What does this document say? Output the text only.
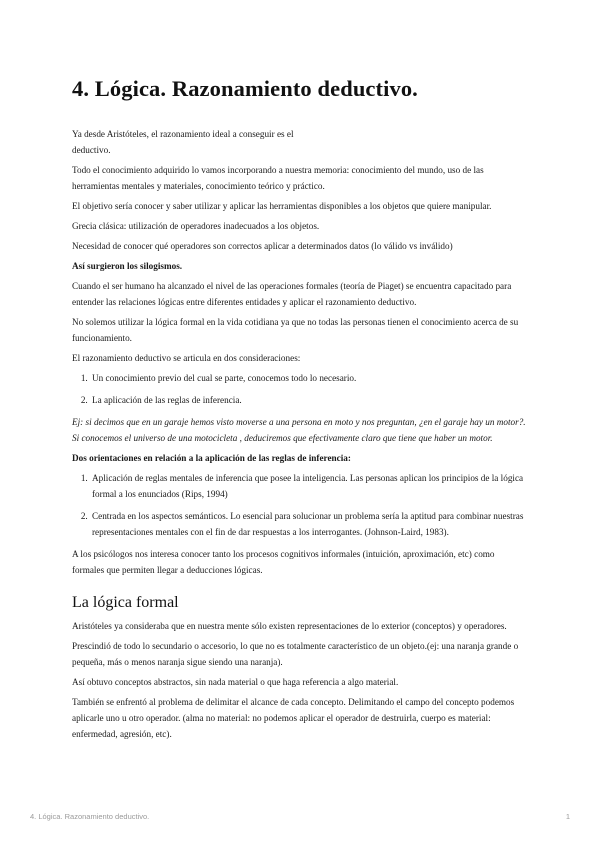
4. Lógica. Razonamiento deductivo.

Ya desde Aristóteles, el razonamiento ideal a conseguir es el deductivo.

Todo el conocimiento adquirido lo vamos incorporando a nuestra memoria: conocimiento del mundo, uso de las herramientas mentales y materiales, conocimiento teórico y práctico.

El objetivo sería conocer y saber utilizar y aplicar las herramientas disponibles a los objetos que quiere manipular.

Grecia clásica: utilización de operadores inadecuados a los objetos.

Necesidad de conocer qué operadores son correctos aplicar a determinados datos (lo válido vs inválido)

Así surgieron los silogismos.

Cuando el ser humano ha alcanzado el nivel de las operaciones formales (teoría de Piaget) se encuentra capacitado para entender las relaciones lógicas entre diferentes entidades y aplicar el razonamiento deductivo.

No solemos utilizar la lógica formal en la vida cotidiana ya que no todas las personas tienen el conocimiento acerca de su funcionamiento.

El razonamiento deductivo se articula en dos consideraciones:

1. Un conocimiento previo del cual se parte, conocemos todo lo necesario.
2. La aplicación de las reglas de inferencia.

Ej: si decimos que en un garaje hemos visto moverse a una persona en moto y nos preguntan, ¿en el garaje hay un motor?. Si conocemos el universo de una motocicleta , deduciremos que efectivamente claro que tiene que haber un motor.

Dos orientaciones en relación a la aplicación de las reglas de inferencia:

1. Aplicación de reglas mentales de inferencia que posee la inteligencia. Las personas aplican los principios de la lógica formal a los enunciados (Rips, 1994)
2. Centrada en los aspectos semánticos. Lo esencial para solucionar un problema sería la aptitud para combinar nuestras representaciones mentales con el fin de dar respuestas a los interrogantes. (Johnson-Laird, 1983).

A los psicólogos nos interesa conocer tanto los procesos cognitivos informales (intuición, aproximación, etc) como formales que permiten llegar a deducciones lógicas.

La lógica formal

Aristóteles ya consideraba que en nuestra mente sólo existen representaciones de lo exterior (conceptos) y operadores.

Prescindió de todo lo secundario o accesorio, lo que no es totalmente característico de un objeto.(ej: una naranja grande o pequeña, más o menos naranja sigue siendo una naranja).

Así obtuvo conceptos abstractos, sin nada material o que haga referencia a algo material.

También se enfrentó al problema de delimitar el alcance de cada concepto. Delimitando el campo del concepto podemos aplicarle uno u otro operador. (alma no material: no podemos aplicar el operador de destruirla, cuerpo es material: enfermedad, agresión, etc).

4. Lógica. Razonamiento deductivo.	1
